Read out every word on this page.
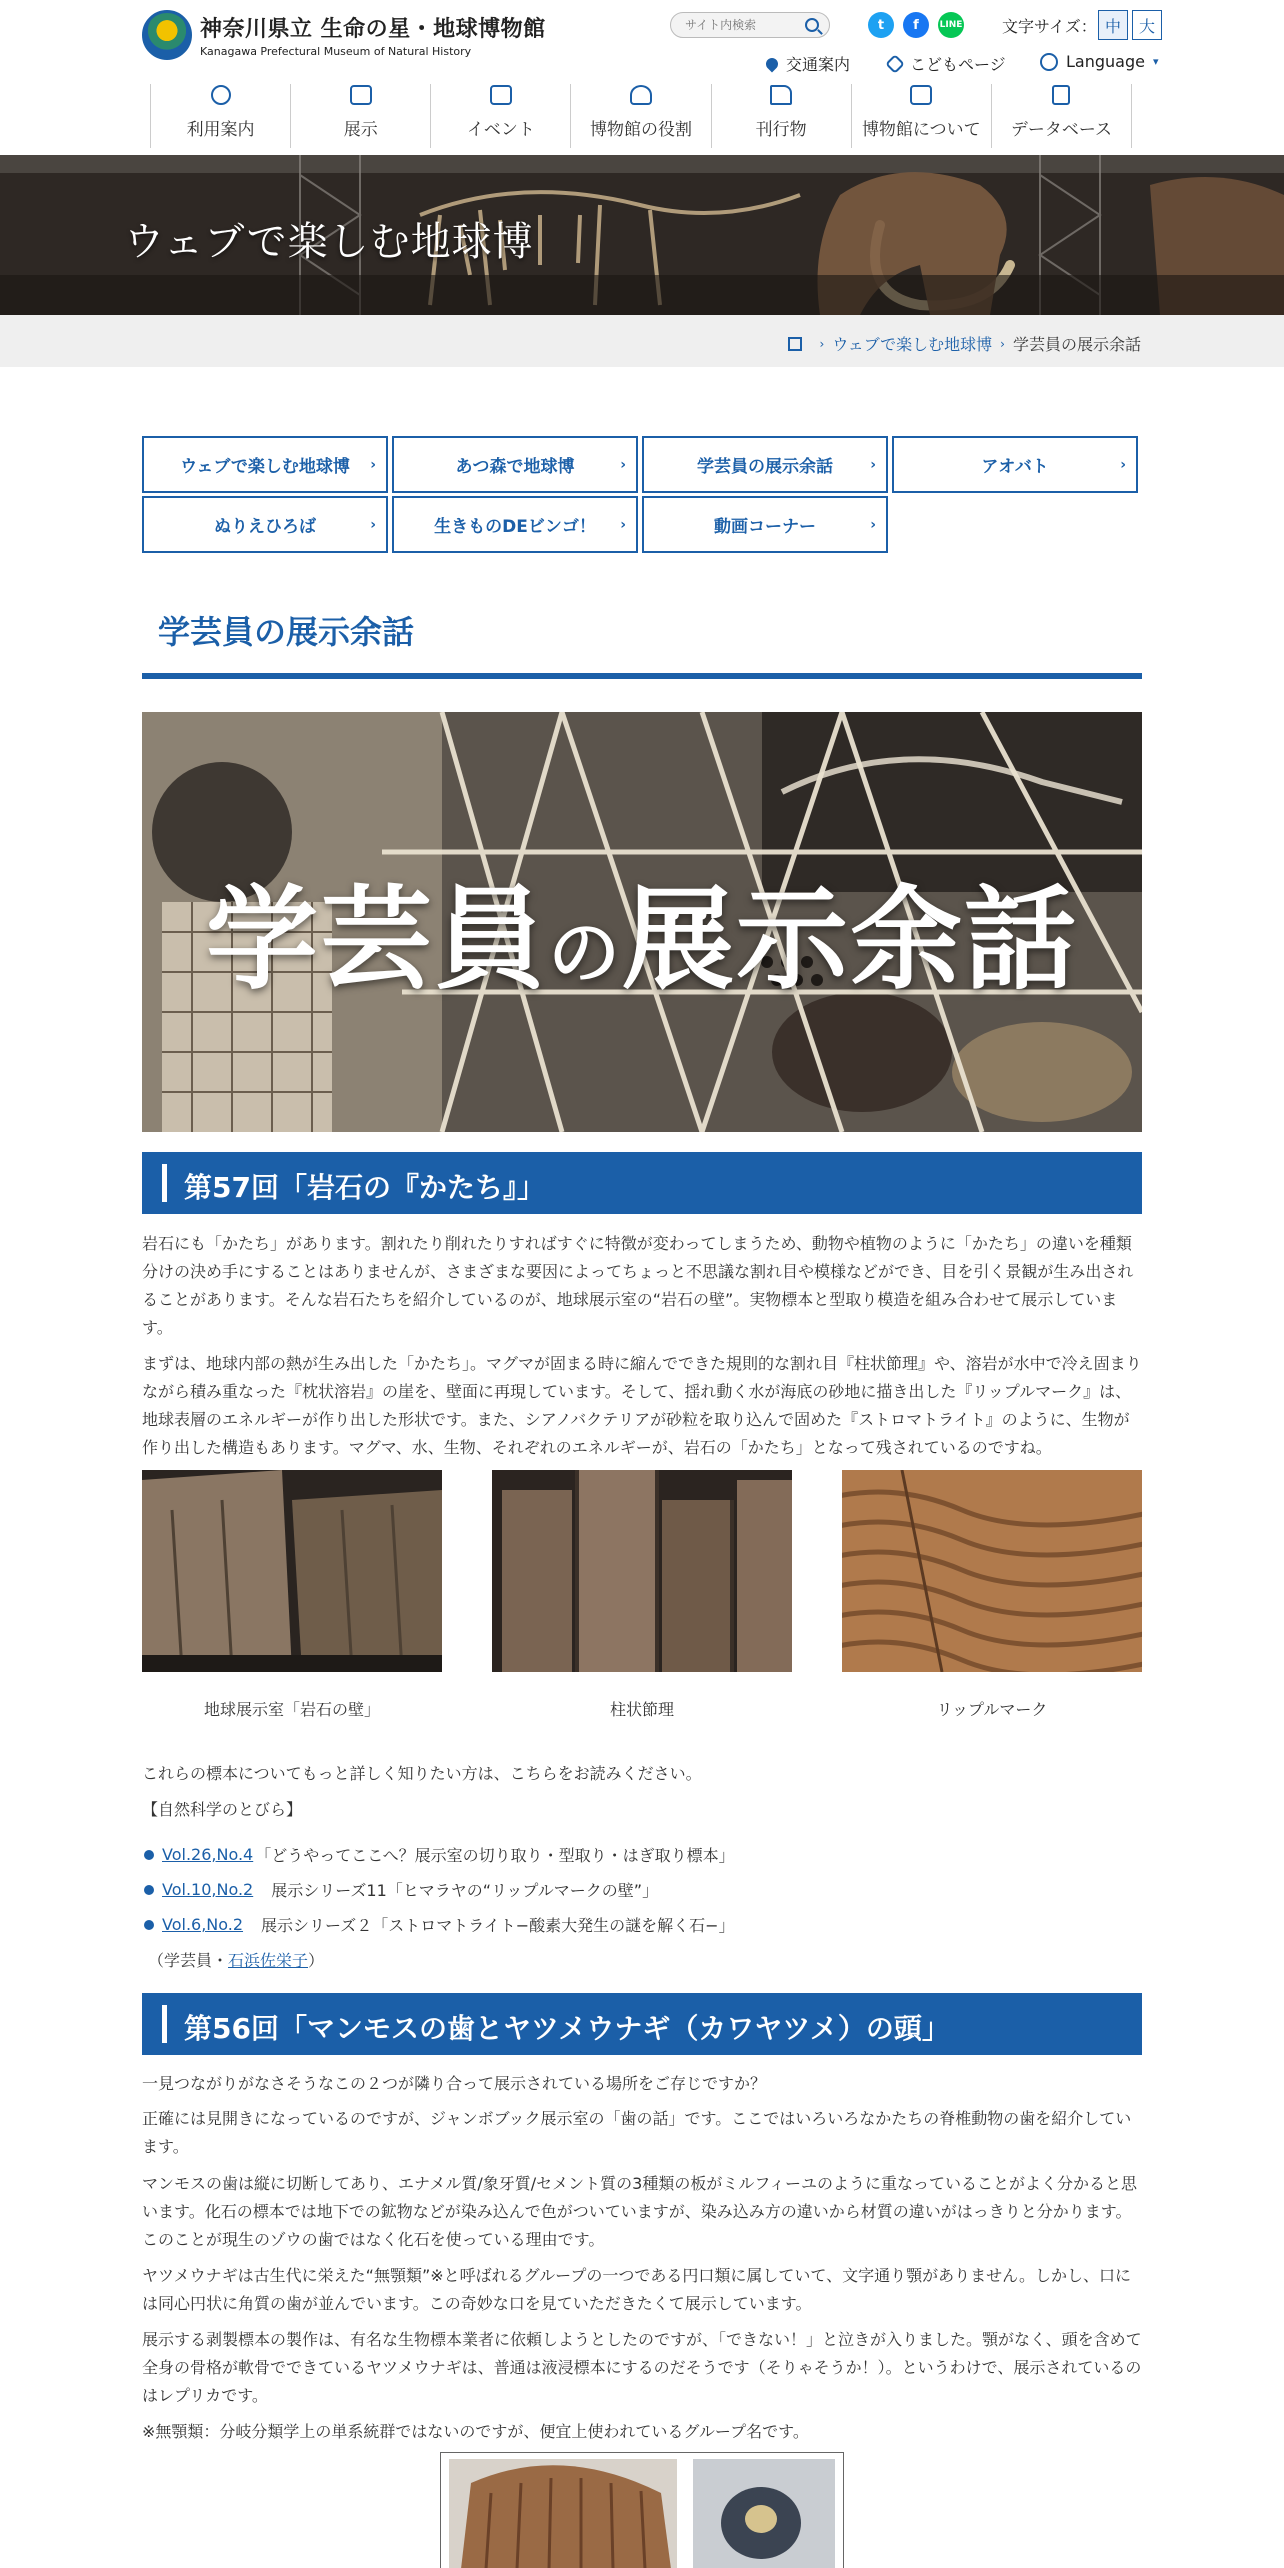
神奈川県立 生命の星・地球博物館
Kanagawa Prefectural Museum of Natural History
サイト内検索
t	f	LINE 文字サイズ： 中	大
交通案内	こどもページ	Language ▾
利用案内	展示	イベント	博物館の役割	刊行物	博物館について データベース
ウェブで楽しむ地球博
› ウェブで楽しむ地球博 › 学芸員の展示余話
ウェブで楽しむ地球博 ›	あつ森で地球博	›	学芸員の展示余話	›	アオバト	›
ぬりえひろば	›	生きものDEビンゴ！ ›	動画コーナー	›
学芸員の展示余話
学芸員の展示余話
第57回「岩石の『かたち』」

岩石にも「かたち」があります。割れたり削れたりすればすぐに特徴が変わってしまうため、動物や植物のように「かたち」の違いを種類分けの決め手にすることはありませんが、さまざまな要因によってちょっと不思議な割れ目や模様などができ、目を引く景観が生み出されることがあります。そんな岩石たちを紹介しているのが、地球展示室の“岩石の壁”。実物標本と型取り模造を組み合わせて展示しています。

まずは、地球内部の熱が生み出した「かたち」。マグマが固まる時に縮んでできた規則的な割れ目『柱状節理』や、溶岩が水中で冷え固まりながら積み重なった『枕状溶岩』の崖を、壁面に再現しています。そして、揺れ動く水が海底の砂地に描き出した『リップルマーク』は、地球表層のエネルギーが作り出した形状です。また、シアノバクテリアが砂粒を取り込んで固めた『ストロマトライト』のように、生物が作り出した構造もあります。マグマ、水、生物、それぞれのエネルギーが、岩石の「かたち」となって残されているのですね。

地球展示室「岩石の壁」	柱状節理	リップルマーク

これらの標本についてもっと詳しく知りたい方は、こちらをお読みください。

【自然科学のとびら】

Vol.26,No.4 「どうやってここへ？展示室の切り取り・型取り・はぎ取り標本」
Vol.10,No.2 　展示シリーズ11「ヒマラヤの“リップルマークの壁”」
Vol.6,No.2 　展示シリーズ２「ストロマトライト−酸素大発生の謎を解く石−」
（学芸員・石浜佐栄子）
第56回「マンモスの歯とヤツメウナギ（カワヤツメ）の頭」

一見つながりがなさそうなこの２つが隣り合って展示されている場所をご存じですか？

正確には見開きになっているのですが、ジャンボブック展示室の「歯の話」です。ここではいろいろなかたちの脊椎動物の歯を紹介しています。

マンモスの歯は縦に切断してあり、エナメル質/象牙質/セメント質の3種類の板がミルフィーユのように重なっていることがよく分かると思います。化石の標本では地下での鉱物などが染み込んで色がついていますが、染み込み方の違いから材質の違いがはっきりと分かります。このことが現生のゾウの歯ではなく化石を使っている理由です。

ヤツメウナギは古生代に栄えた“無顎類”※と呼ばれるグループの一つである円口類に属していて、文字通り顎がありません。しかし、口には同心円状に角質の歯が並んでいます。この奇妙な口を見ていただきたくて展示しています。

展示する剥製標本の製作は、有名な生物標本業者に依頼しようとしたのですが、「できない！」と泣きが入りました。顎がなく、頭を含めて全身の骨格が軟骨でできているヤツメウナギは、普通は液浸標本にするのだそうです（そりゃそうか！）。というわけで、展示されているのはレプリカです。

※無顎類：分岐分類学上の単系統群ではないのですが、便宜上使われているグループ名です。
